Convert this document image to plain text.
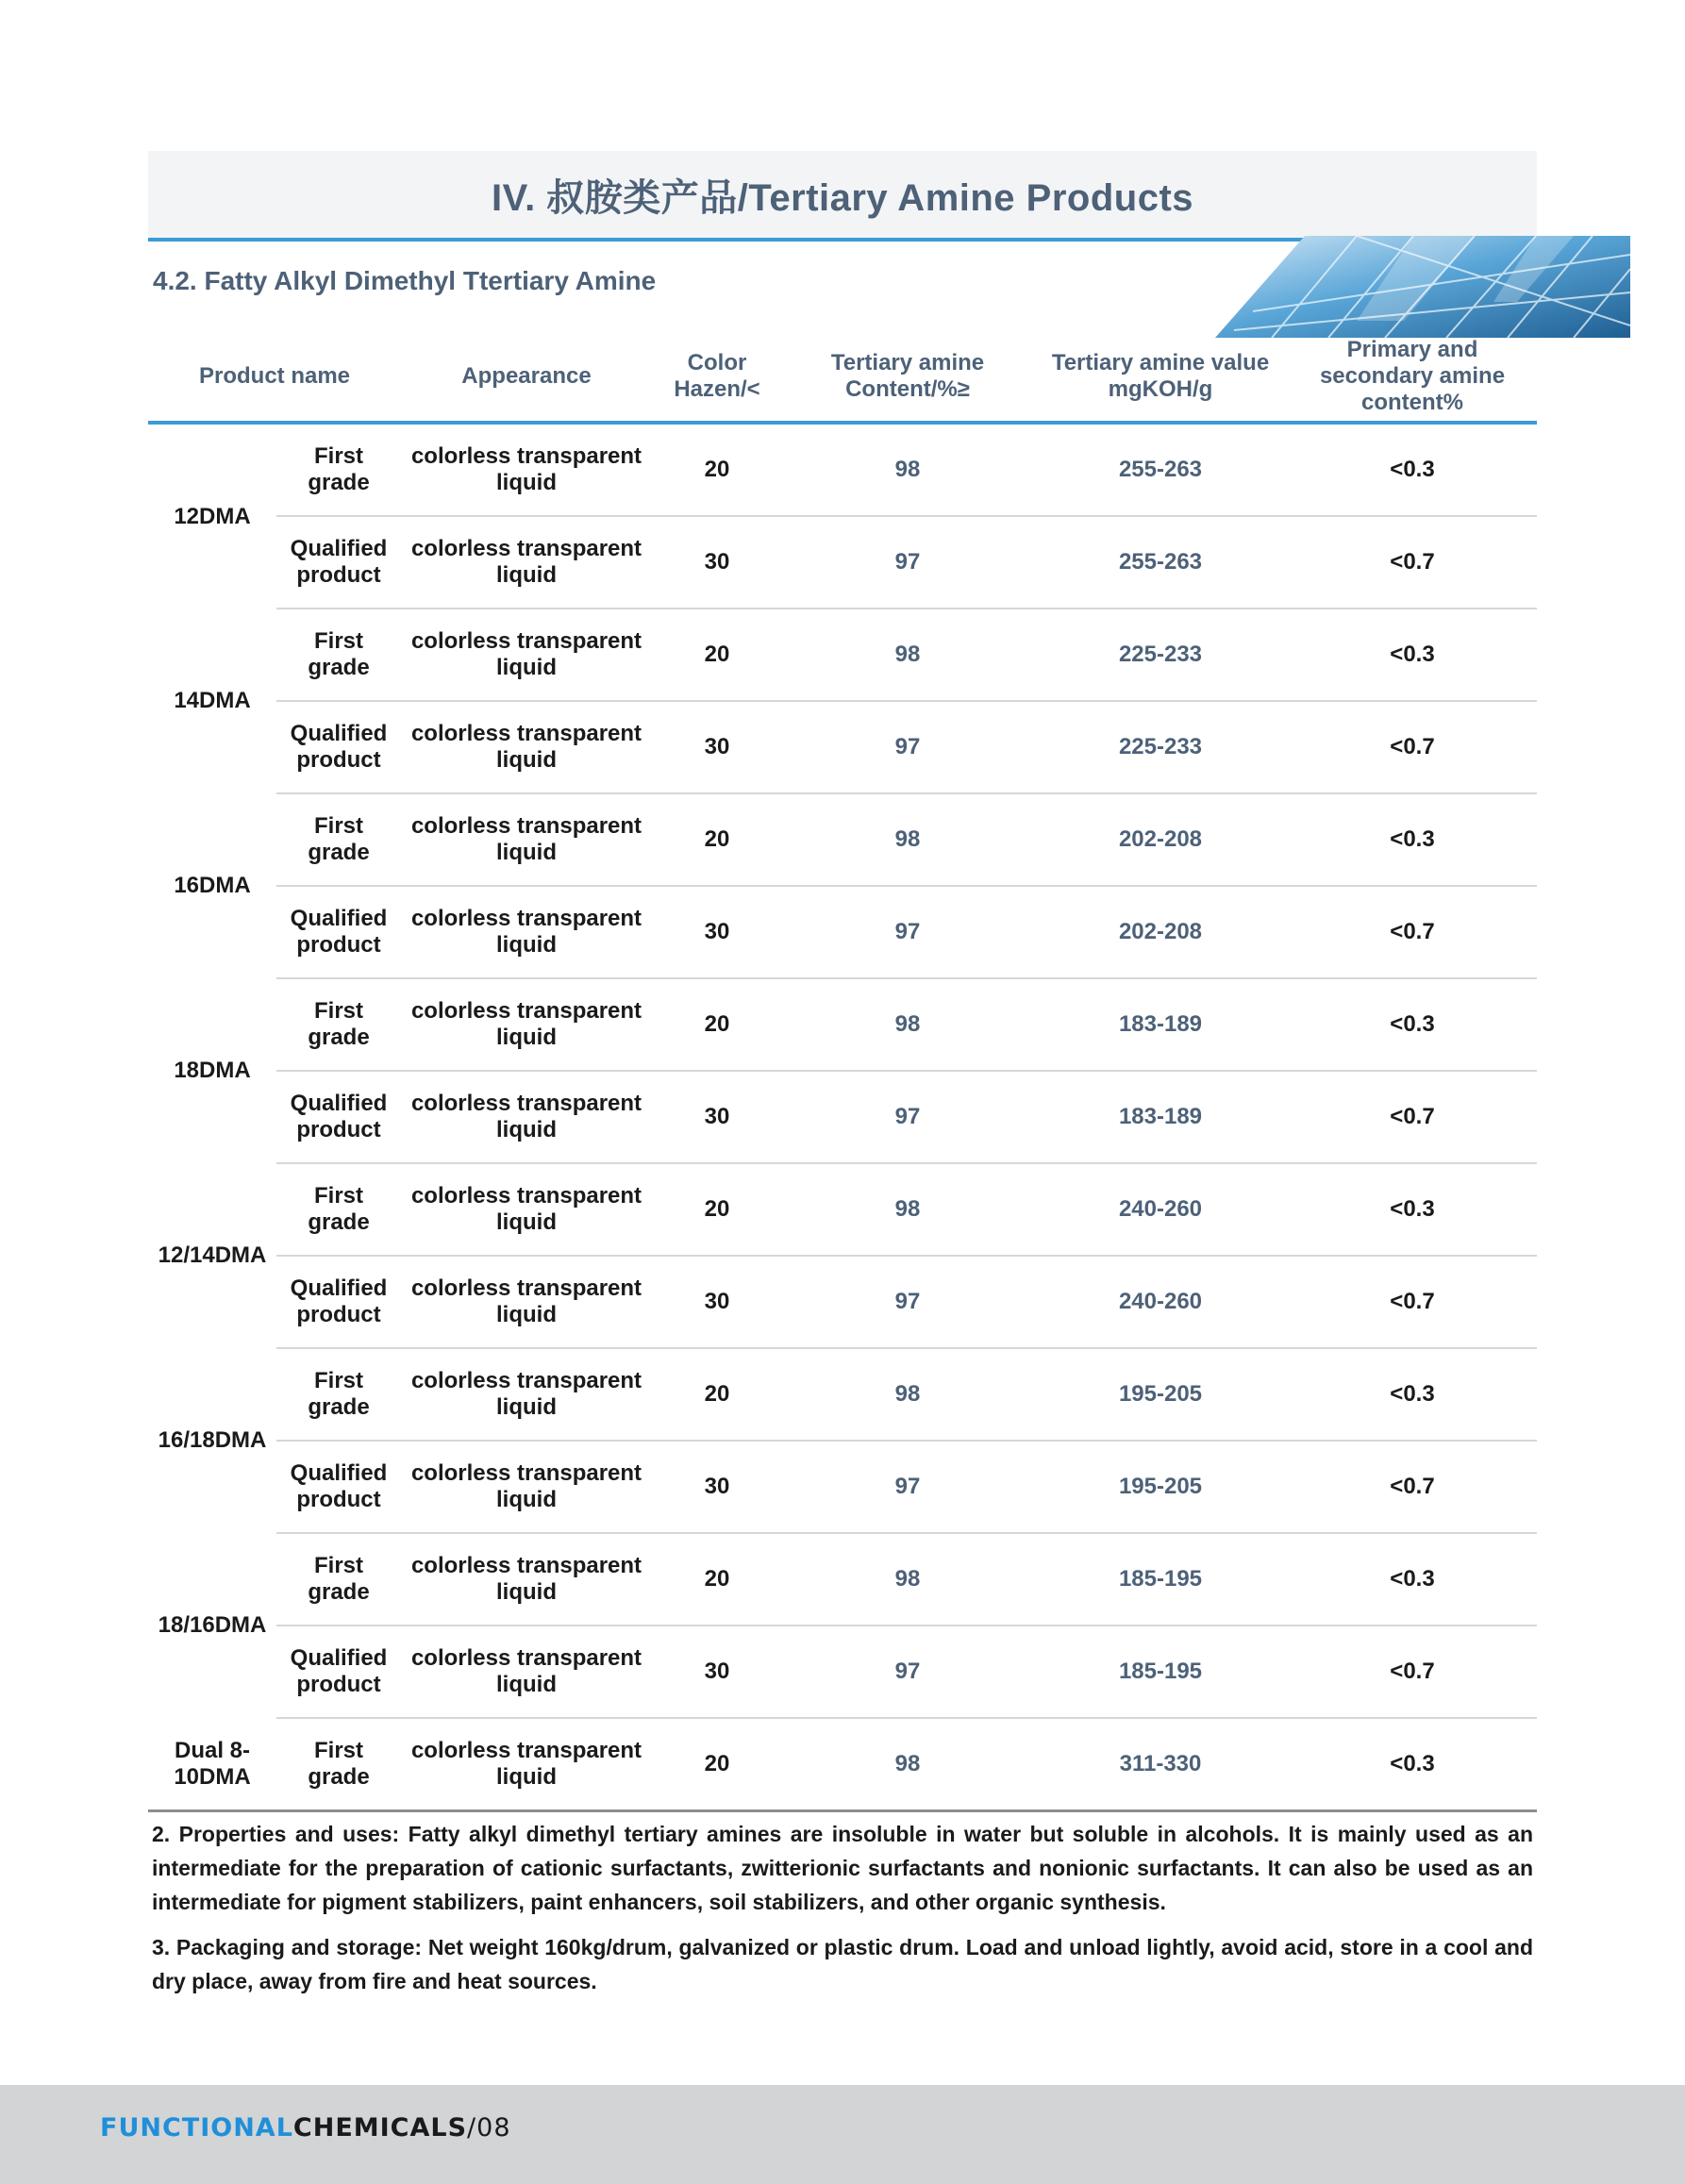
IV. 叔胺类产品/Tertiary Amine Products
4.2. Fatty Alkyl Dimethyl Ttertiary Amine
Product name		Appearance	Color Hazen/<	Tertiary amine Content/%≥	Tertiary amine value mgKOH/g	Primary and secondary amine content%
12DMA	First grade	colorless transparent liquid	20	98	255-263	<0.3
	Qualified product	colorless transparent liquid	30	97	255-263	<0.7
14DMA	First grade	colorless transparent liquid	20	98	225-233	<0.3
	Qualified product	colorless transparent liquid	30	97	225-233	<0.7
16DMA	First grade	colorless transparent liquid	20	98	202-208	<0.3
	Qualified product	colorless transparent liquid	30	97	202-208	<0.7
18DMA	First grade	colorless transparent liquid	20	98	183-189	<0.3
	Qualified product	colorless transparent liquid	30	97	183-189	<0.7
12/14DMA	First grade	colorless transparent liquid	20	98	240-260	<0.3
	Qualified product	colorless transparent liquid	30	97	240-260	<0.7
16/18DMA	First grade	colorless transparent liquid	20	98	195-205	<0.3
	Qualified product	colorless transparent liquid	30	97	195-205	<0.7
18/16DMA	First grade	colorless transparent liquid	20	98	185-195	<0.3
	Qualified product	colorless transparent liquid	30	97	185-195	<0.7
Dual 8-10DMA	First grade	colorless transparent liquid	20	98	311-330	<0.3

2. Properties and uses: Fatty alkyl dimethyl tertiary amines are insoluble in water but soluble in alcohols. It is mainly used as an intermediate for the preparation of cationic surfactants, zwitterionic surfactants and nonionic surfactants. It can also be used as an intermediate for pigment stabilizers, paint enhancers, soil stabilizers, and other organic synthesis.

3. Packaging and storage: Net weight 160kg/drum, galvanized or plastic drum. Load and unload lightly, avoid acid, store in a cool and dry place, away from fire and heat sources.

FUNCTIONALCHEMICALS/08
